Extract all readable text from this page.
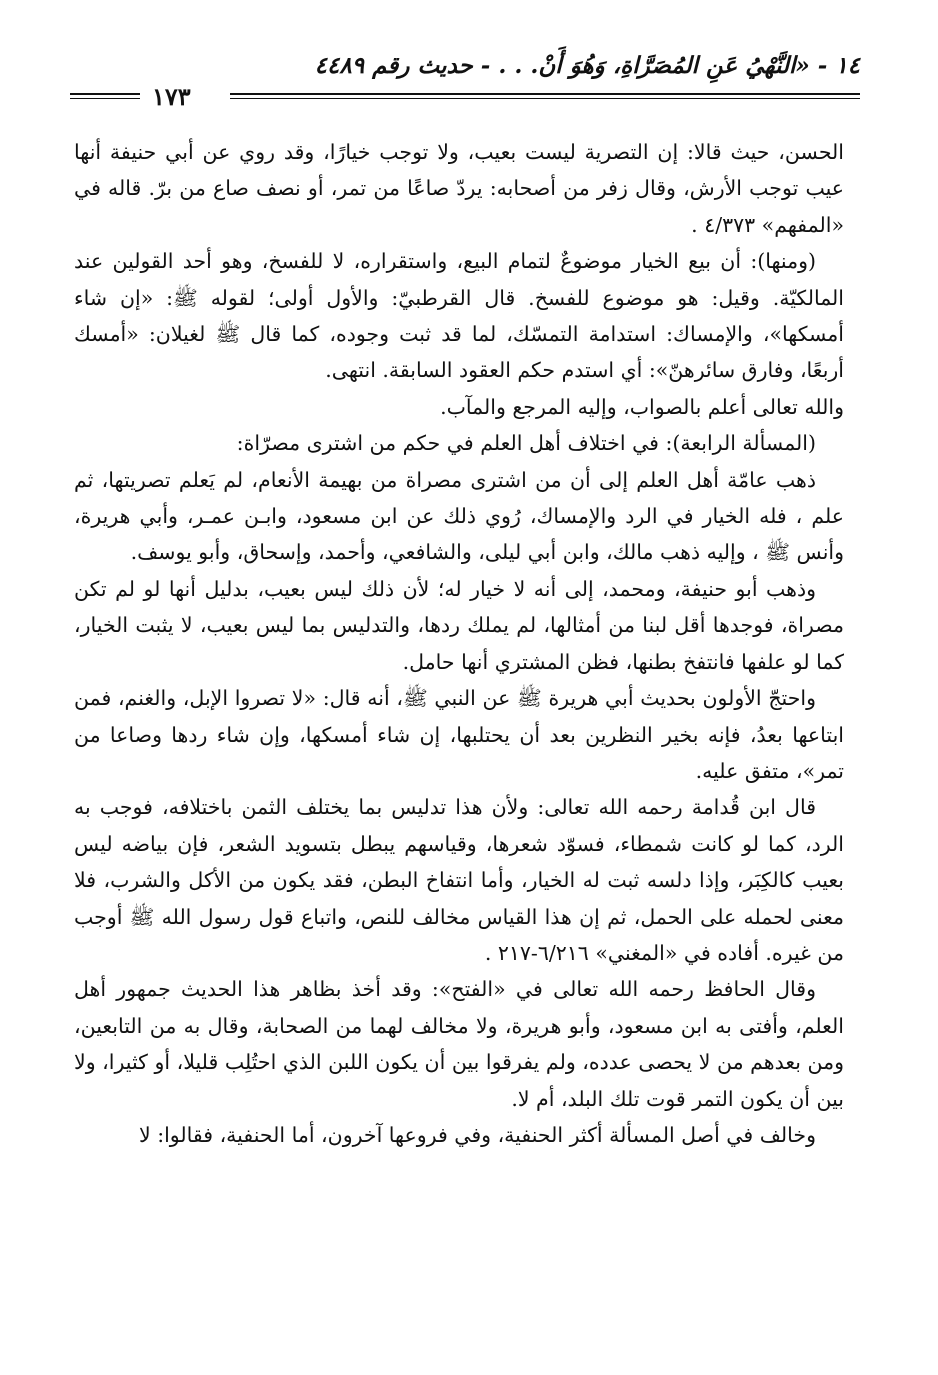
١٤ - «النَّهْيُ عَنِ المُصَرَّاةِ، وَهُوَ أَنْ. . . - حديث رقم ٤٤٨٩
١٧٣

الحسن، حيث قالا: إن التصرية ليست بعيب، ولا توجب خيارًا، وقد روي عن أبي حنيفة أنها عيب توجب الأرش، وقال زفر من أصحابه: يردّ صاعًا من تمر، أو نصف صاع من برّ. قاله في «المفهم» ٤/٣٧٣ .

(ومنها): أن بيع الخيار موضوعٌ لتمام البيع، واستقراره، لا للفسخ، وهو أحد القولين عند المالكيّة. وقيل: هو موضوع للفسخ. قال القرطبيّ: والأول أولى؛ لقوله ﷺ: «إن شاء أمسكها»، والإمساك: استدامة التمسّك، لما قد ثبت وجوده، كما قال ﷺ لغيلان: «أمسك أربعًا، وفارق سائرهنّ»: أي استدم حكم العقود السابقة. انتهى.

والله تعالى أعلم بالصواب، وإليه المرجع والمآب.

(المسألة الرابعة): في اختلاف أهل العلم في حكم من اشترى مصرّاة:

ذهب عامّة أهل العلم إلى أن من اشترى مصراة من بهيمة الأنعام، لم يَعلم تصريتها، ثم علم ، فله الخيار في الرد والإمساك، رُوي ذلك عن ابن مسعود، وابـن عمـر، وأبي هريرة، وأنس ﷺ ، وإليه ذهب مالك، وابن أبي ليلى، والشافعي، وأحمد، وإسحاق، وأبو يوسف.

وذهب أبو حنيفة، ومحمد، إلى أنه لا خيار له؛ لأن ذلك ليس بعيب، بدليل أنها لو لم تكن مصراة، فوجدها أقل لبنا من أمثالها، لم يملك ردها، والتدليس بما ليس بعيب، لا يثبت الخيار، كما لو علفها فانتفخ بطنها، فظن المشتري أنها حامل.

واحتجّ الأولون بحديث أبي هريرة ﷺ عن النبي ﷺ، أنه قال: «لا تصروا الإبل، والغنم، فمن ابتاعها بعدُ، فإنه بخير النظرين بعد أن يحتلبها، إن شاء أمسكها، وإن شاء ردها وصاعا من تمر»، متفق عليه.

قال ابن قُدامة رحمه الله تعالى: ولأن هذا تدليس بما يختلف الثمن باختلافه، فوجب به الرد، كما لو كانت شمطاء، فسوّد شعرها، وقياسهم يبطل بتسويد الشعر، فإن بياضه ليس بعيب كالكِبَر، وإذا دلسه ثبت له الخيار، وأما انتفاخ البطن، فقد يكون من الأكل والشرب، فلا معنى لحمله على الحمل، ثم إن هذا القياس مخالف للنص، واتباع قول رسول الله ﷺ أوجب من غيره. أفاده في «المغني» ٦/٢١٦-٢١٧ .

وقال الحافظ رحمه الله تعالى في «الفتح»: وقد أخذ بظاهر هذا الحديث جمهور أهل العلم، وأفتى به ابن مسعود، وأبو هريرة، ولا مخالف لهما من الصحابة، وقال به من التابعين، ومن بعدهم من لا يحصى عدده، ولم يفرقوا بين أن يكون اللبن الذي احتُلِب قليلا، أو كثيرا، ولا بين أن يكون التمر قوت تلك البلد، أم لا.

وخالف في أصل المسألة أكثر الحنفية، وفي فروعها آخرون، أما الحنفية، فقالوا: لا
